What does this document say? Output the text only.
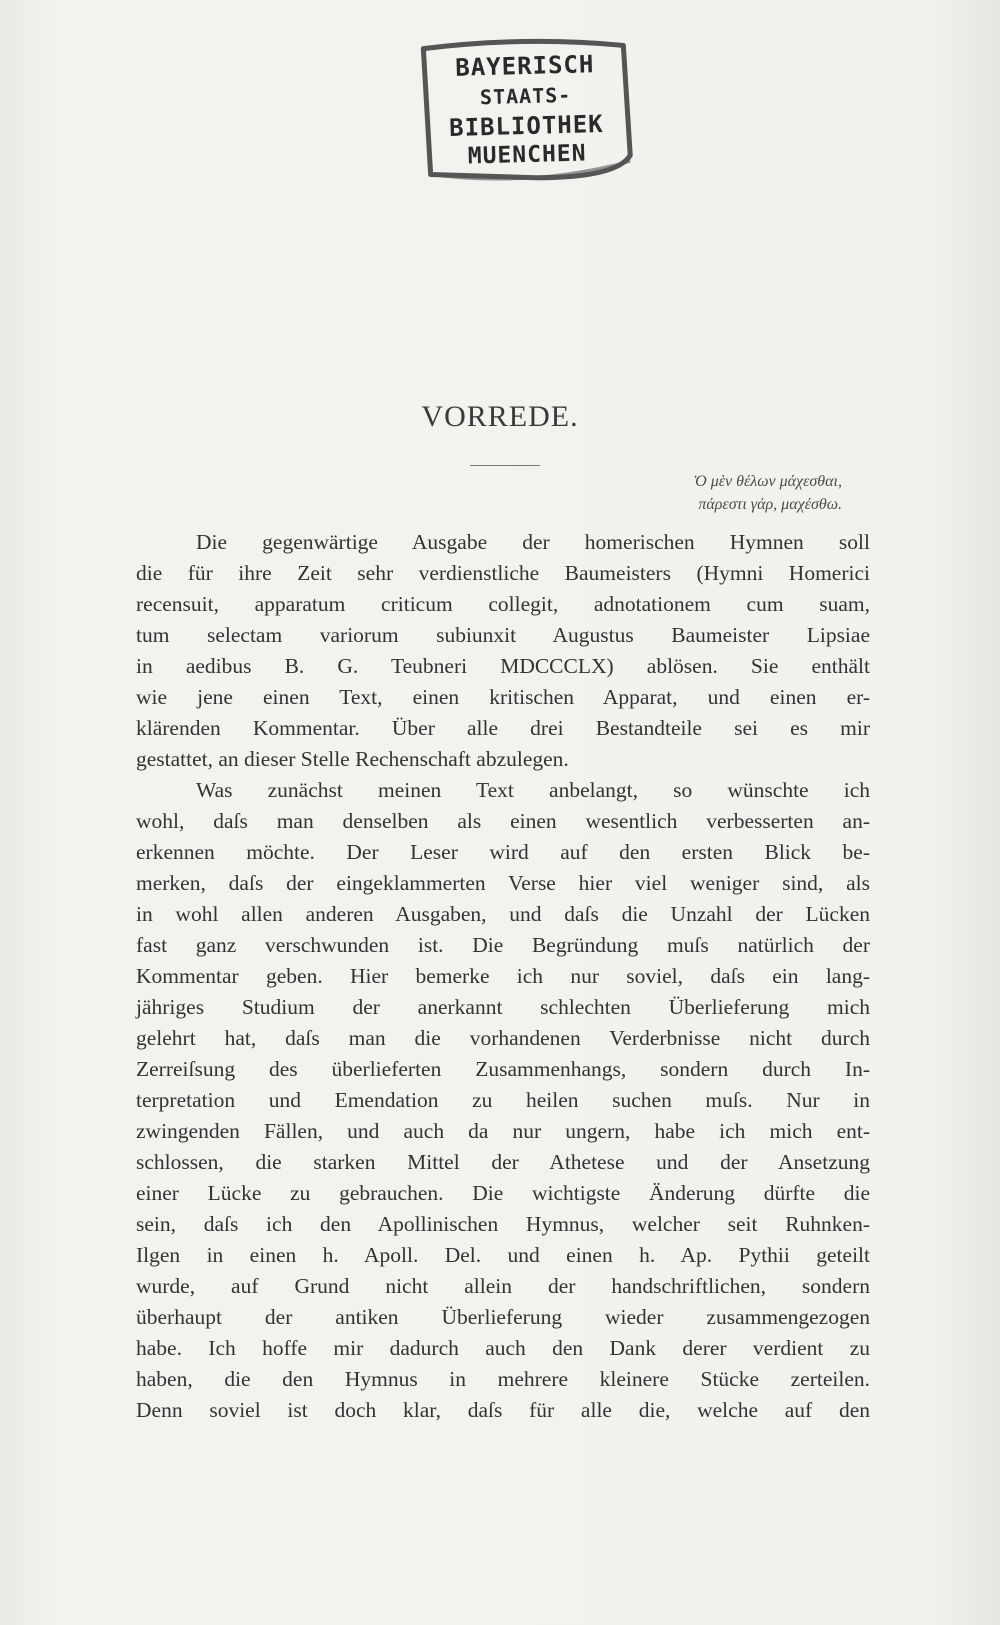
BAYERISCH
STAATS-
BIBLIOTHEK
MUENCHEN
VORREDE.
Ὁ μὲν θέλων μάχεσθαι,
πάρεστι γάρ, μαχέσθω.
Die gegenwärtige Ausgabe der homerischen Hymnen soll
die für ihre Zeit sehr verdienstliche Baumeisters (Hymni Homerici
recensuit, apparatum criticum collegit, adnotationem cum suam,
tum selectam variorum subiunxit Augustus Baumeister Lipsiae
in aedibus B. G. Teubneri MDCCCLX) ablösen. Sie enthält
wie jene einen Text, einen kritischen Apparat, und einen er-
klärenden Kommentar. Über alle drei Bestandteile sei es mir
gestattet, an dieser Stelle Rechenschaft abzulegen.
Was zunächst meinen Text anbelangt, so wünschte ich
wohl, daſs man denselben als einen wesentlich verbesserten an-
erkennen möchte. Der Leser wird auf den ersten Blick be-
merken, daſs der eingeklammerten Verse hier viel weniger sind, als
in wohl allen anderen Ausgaben, und daſs die Unzahl der Lücken
fast ganz verschwunden ist. Die Begründung muſs natürlich der
Kommentar geben. Hier bemerke ich nur soviel, daſs ein lang-
jähriges Studium der anerkannt schlechten Überlieferung mich
gelehrt hat, daſs man die vorhandenen Verderbnisse nicht durch
Zerreiſsung des überlieferten Zusammenhangs, sondern durch In-
terpretation und Emendation zu heilen suchen muſs. Nur in
zwingenden Fällen, und auch da nur ungern, habe ich mich ent-
schlossen, die starken Mittel der Athetese und der Ansetzung
einer Lücke zu gebrauchen. Die wichtigste Änderung dürfte die
sein, daſs ich den Apollinischen Hymnus, welcher seit Ruhnken-
Ilgen in einen h. Apoll. Del. und einen h. Ap. Pythii geteilt
wurde, auf Grund nicht allein der handschriftlichen, sondern
überhaupt der antiken Überlieferung wieder zusammengezogen
habe. Ich hoffe mir dadurch auch den Dank derer verdient zu
haben, die den Hymnus in mehrere kleinere Stücke zerteilen.
Denn soviel ist doch klar, daſs für alle die, welche auf den
